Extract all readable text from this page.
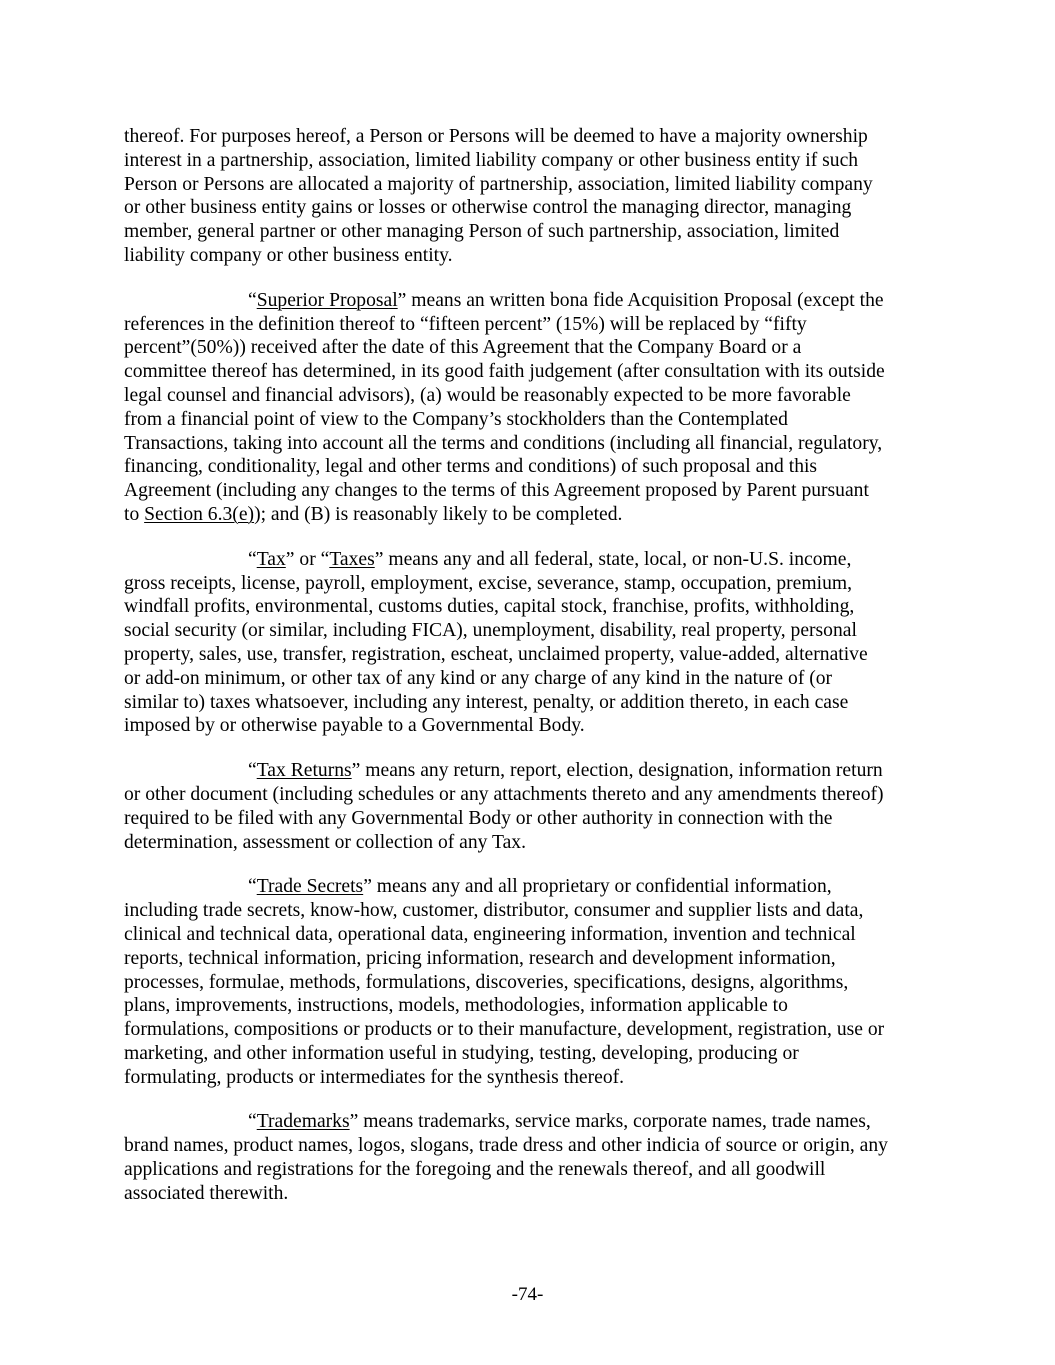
thereof. For purposes hereof, a Person or Persons will be deemed to have a majority ownership
interest in a partnership, association, limited liability company or other business entity if such
Person or Persons are allocated a majority of partnership, association, limited liability company
or other business entity gains or losses or otherwise control the managing director, managing
member, general partner or other managing Person of such partnership, association, limited
liability company or other business entity.

“Superior Proposal” means an written bona fide Acquisition Proposal (except the
references in the definition thereof to “fifteen percent” (15%) will be replaced by “fifty
percent”(50%)) received after the date of this Agreement that the Company Board or a
committee thereof has determined, in its good faith judgement (after consultation with its outside
legal counsel and financial advisors), (a) would be reasonably expected to be more favorable
from a financial point of view to the Company’s stockholders than the Contemplated
Transactions, taking into account all the terms and conditions (including all financial, regulatory,
financing, conditionality, legal and other terms and conditions) of such proposal and this
Agreement (including any changes to the terms of this Agreement proposed by Parent pursuant
to Section 6.3(e)); and (B) is reasonably likely to be completed.

“Tax” or “Taxes” means any and all federal, state, local, or non-U.S. income,
gross receipts, license, payroll, employment, excise, severance, stamp, occupation, premium,
windfall profits, environmental, customs duties, capital stock, franchise, profits, withholding,
social security (or similar, including FICA), unemployment, disability, real property, personal
property, sales, use, transfer, registration, escheat, unclaimed property, value-added, alternative
or add-on minimum, or other tax of any kind or any charge of any kind in the nature of (or
similar to) taxes whatsoever, including any interest, penalty, or addition thereto, in each case
imposed by or otherwise payable to a Governmental Body.

“Tax Returns” means any return, report, election, designation, information return
or other document (including schedules or any attachments thereto and any amendments thereof)
required to be filed with any Governmental Body or other authority in connection with the
determination, assessment or collection of any Tax.

“Trade Secrets” means any and all proprietary or confidential information,
including trade secrets, know-how, customer, distributor, consumer and supplier lists and data,
clinical and technical data, operational data, engineering information, invention and technical
reports, technical information, pricing information, research and development information,
processes, formulae, methods, formulations, discoveries, specifications, designs, algorithms,
plans, improvements, instructions, models, methodologies, information applicable to
formulations, compositions or products or to their manufacture, development, registration, use or
marketing, and other information useful in studying, testing, developing, producing or
formulating, products or intermediates for the synthesis thereof.

“Trademarks” means trademarks, service marks, corporate names, trade names,
brand names, product names, logos, slogans, trade dress and other indicia of source or origin, any
applications and registrations for the foregoing and the renewals thereof, and all goodwill
associated therewith.

-74-
